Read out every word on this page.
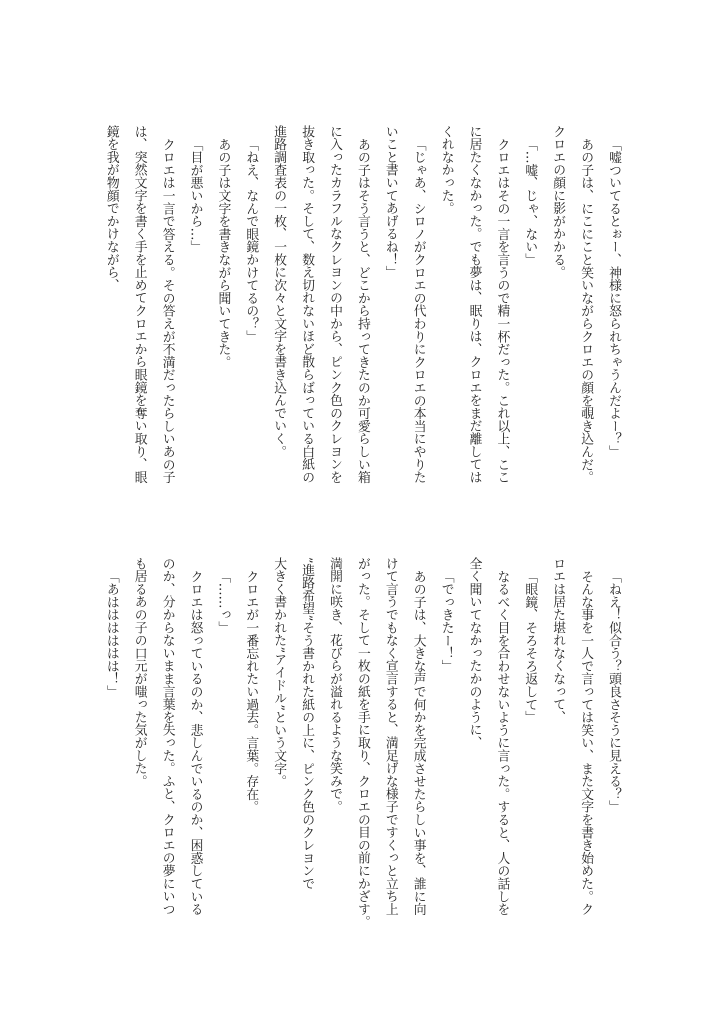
「嘘ついてるとぉー、神様に怒られちゃうんだよー？」
あの子は、にこにこと笑いながらクロエの顔を覗き込んだ。
クロエの顔に影がかかる。
「…嘘、じゃ、ない」
クロエはその一言を言うので精一杯だった。これ以上、ここ
に居たくなかった。でも夢は、眠りは、クロエをまだ離しては
くれなかった。
「じゃあ、シロノがクロエの代わりにクロエの本当にやりた
いこと書いてあげるね！」
あの子はそう言うと、どこから持ってきたのか可愛らしい箱
に入ったカラフルなクレヨンの中から、ピンク色のクレヨンを
抜き取った。そして、数え切れないほど散らばっている白紙の
進路調査表の一枚、一枚に次々と文字を書き込んでいく。
「ねえ、なんで眼鏡かけてるの？」
あの子は文字を書きながら聞いてきた。
「目が悪いから…」
クロエは一言で答える。その答えが不満だったらしいあの子
は、突然文字を書く手を止めてクロエから眼鏡を奪い取り、眼
鏡を我が物顔でかけながら、
「ねえ！似合う？頭良さそうに見える？」
そんな事を一人で言っては笑い、また文字を書き始めた。ク
ロエは居た堪れなくなって、
「眼鏡、そろそろ返して」
なるべく目を合わせないように言った。すると、人の話しを
全く聞いてなかったかのように、
「でっきたー！」
あの子は、大きな声で何かを完成させたらしい事を、誰に向
けて言うでもなく宣言すると、満足げな様子ですくっと立ち上
がった。そして一枚の紙を手に取り、クロエの目の前にかざす。
満開に咲き、花びらが溢れるような笑みで。
”進路希望”そう書かれた紙の上に、ピンク色のクレヨンで
大きく書かれた”アイドル”という文字。
クロエが一番忘れたい過去。言葉。存在。
「……っ」
クロエは怒っているのか、悲しんでいるのか、困惑している
のか、分からないまま言葉を失った。ふと、クロエの夢にいつ
も居るあの子の口元が嗤った気がした。
「あはははははは！」
